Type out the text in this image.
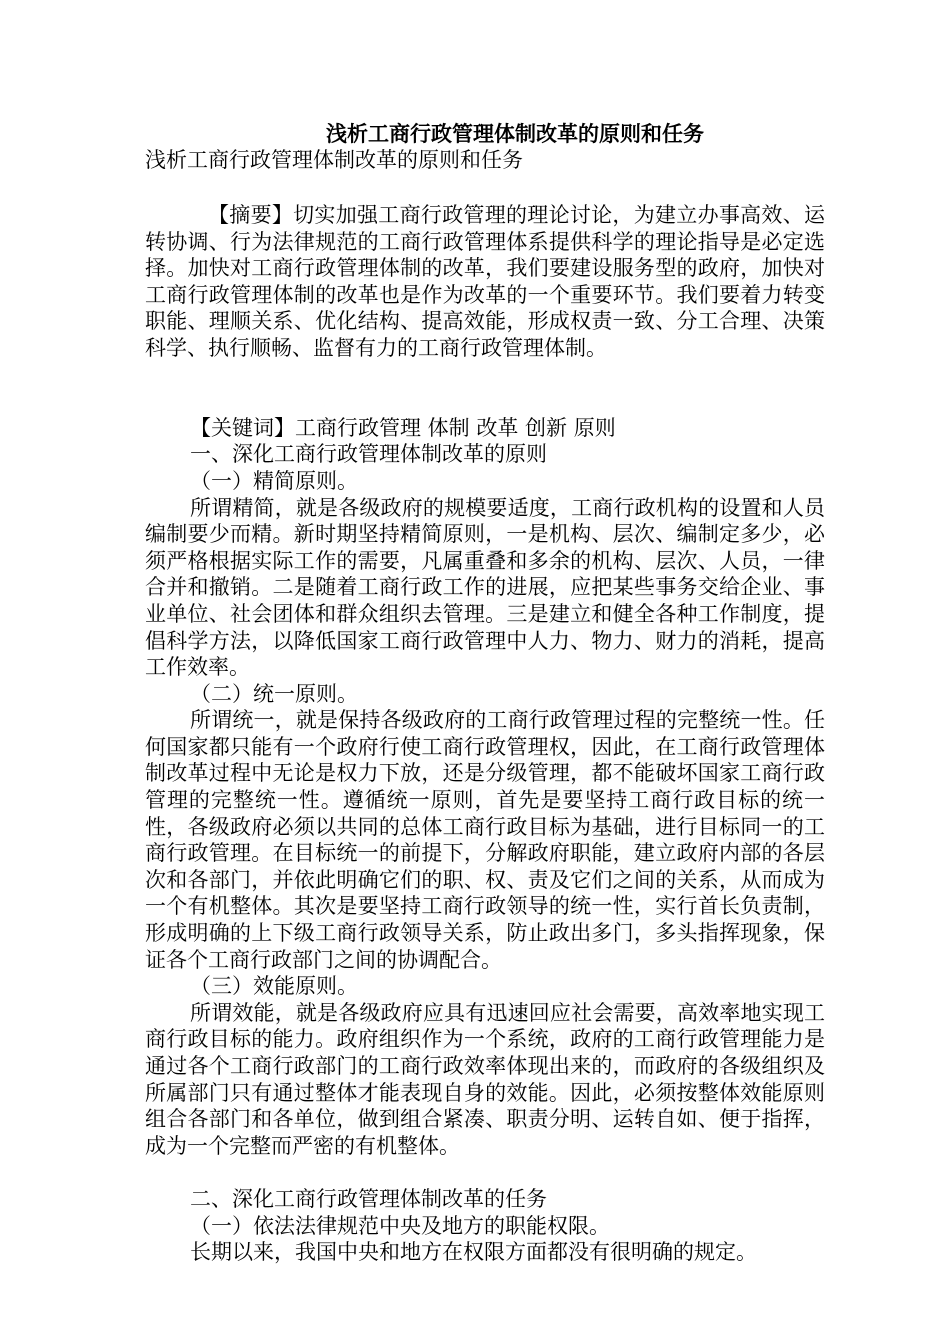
浅析工商行政管理体制改革的原则和任务

浅析工商行政管理体制改革的原则和任务

【摘要】切实加强工商行政管理的理论讨论，为建立办事高效、运转协调、行为法律规范的工商行政管理体系提供科学的理论指导是必定选择。加快对工商行政管理体制的改革，我们要建设服务型的政府，加快对工商行政管理体制的改革也是作为改革的一个重要环节。我们要着力转变职能、理顺关系、优化结构、提高效能，形成权责一致、分工合理、决策科学、执行顺畅、监督有力的工商行政管理体制。

【关键词】工商行政管理 体制 改革 创新 原则

一、深化工商行政管理体制改革的原则

（一）精简原则。

所谓精简，就是各级政府的规模要适度，工商行政机构的设置和人员编制要少而精。新时期坚持精简原则，一是机构、层次、编制定多少，必须严格根据实际工作的需要，凡属重叠和多余的机构、层次、人员，一律合并和撤销。二是随着工商行政工作的进展，应把某些事务交给企业、事业单位、社会团体和群众组织去管理。三是建立和健全各种工作制度，提倡科学方法，以降低国家工商行政管理中人力、物力、财力的消耗，提高工作效率。

（二）统一原则。

所谓统一，就是保持各级政府的工商行政管理过程的完整统一性。任何国家都只能有一个政府行使工商行政管理权，因此，在工商行政管理体制改革过程中无论是权力下放，还是分级管理，都不能破坏国家工商行政管理的完整统一性。遵循统一原则，首先是要坚持工商行政目标的统一性，各级政府必须以共同的总体工商行政目标为基础，进行目标同一的工商行政管理。在目标统一的前提下，分解政府职能，建立政府内部的各层次和各部门，并依此明确它们的职、权、责及它们之间的关系，从而成为一个有机整体。其次是要坚持工商行政领导的统一性，实行首长负责制，形成明确的上下级工商行政领导关系，防止政出多门，多头指挥现象，保证各个工商行政部门之间的协调配合。

（三）效能原则。

所谓效能，就是各级政府应具有迅速回应社会需要，高效率地实现工商行政目标的能力。政府组织作为一个系统，政府的工商行政管理能力是通过各个工商行政部门的工商行政效率体现出来的，而政府的各级组织及所属部门只有通过整体才能表现自身的效能。因此，必须按整体效能原则组合各部门和各单位，做到组合紧凑、职责分明、运转自如、便于指挥，成为一个完整而严密的有机整体。

二、深化工商行政管理体制改革的任务

（一）依法法律规范中央及地方的职能权限。

长期以来，我国中央和地方在权限方面都没有很明确的规定。
